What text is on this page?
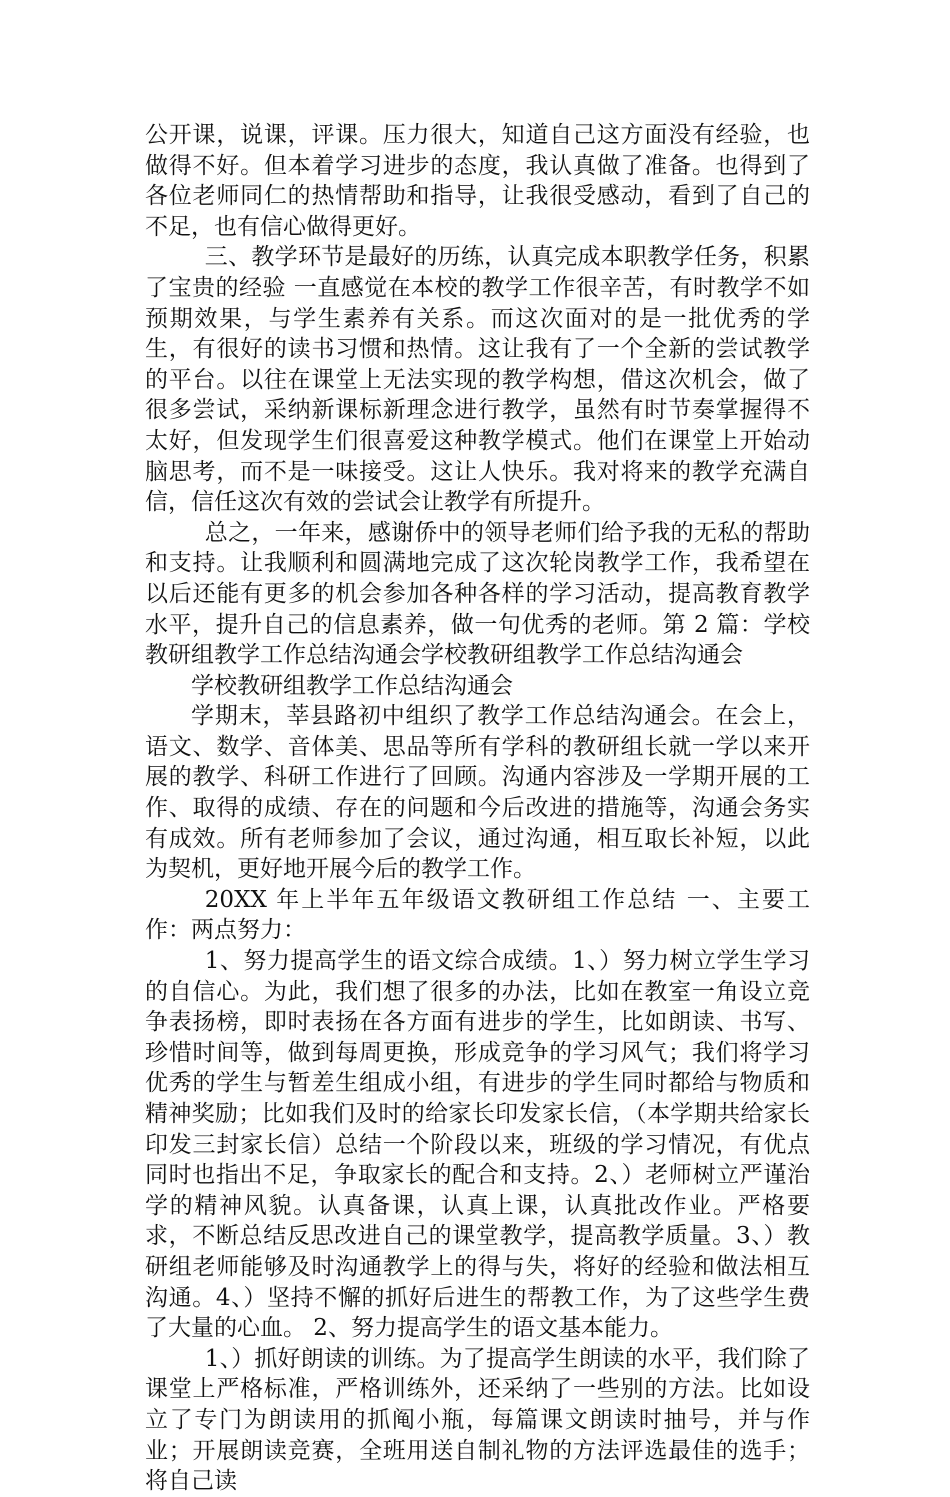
公开课，说课，评课。压力很大，知道自己这方面没有经验，也做得不好。但本着学习进步的态度，我认真做了准备。也得到了各位老师同仁的热情帮助和指导，让我很受感动，看到了自己的不足，也有信心做得更好。

三、教学环节是最好的历练，认真完成本职教学任务，积累了宝贵的经验 一直感觉在本校的教学工作很辛苦，有时教学不如预期效果，与学生素养有关系。而这次面对的是一批优秀的学生，有很好的读书习惯和热情。这让我有了一个全新的尝试教学的平台。以往在课堂上无法实现的教学构想，借这次机会，做了很多尝试，采纳新课标新理念进行教学，虽然有时节奏掌握得不太好，但发现学生们很喜爱这种教学模式。他们在课堂上开始动脑思考，而不是一味接受。这让人快乐。我对将来的教学充满自信，信任这次有效的尝试会让教学有所提升。

总之，一年来，感谢侨中的领导老师们给予我的无私的帮助和支持。让我顺利和圆满地完成了这次轮岗教学工作，我希望在以后还能有更多的机会参加各种各样的学习活动，提高教育教学水平，提升自己的信息素养，做一句优秀的老师。第 2 篇：学校教研组教学工作总结沟通会学校教研组教学工作总结沟通会

学校教研组教学工作总结沟通会

学期末，莘县路初中组织了教学工作总结沟通会。在会上，语文、数学、音体美、思品等所有学科的教研组长就一学以来开展的教学、科研工作进行了回顾。沟通内容涉及一学期开展的工作、取得的成绩、存在的问题和今后改进的措施等，沟通会务实有成效。所有老师参加了会议，通过沟通，相互取长补短，以此为契机，更好地开展今后的教学工作。

20XX 年上半年五年级语文教研组工作总结 一、主要工作：两点努力：

1、努力提高学生的语文综合成绩。1、）努力树立学生学习的自信心。为此，我们想了很多的办法，比如在教室一角设立竞争表扬榜，即时表扬在各方面有进步的学生，比如朗读、书写、珍惜时间等，做到每周更换，形成竞争的学习风气；我们将学习优秀的学生与暂差生组成小组，有进步的学生同时都给与物质和精神奖励；比如我们及时的给家长印发家长信，（本学期共给家长印发三封家长信）总结一个阶段以来，班级的学习情况，有优点同时也指出不足，争取家长的配合和支持。2、）老师树立严谨治学的精神风貌。认真备课，认真上课，认真批改作业。严格要求，不断总结反思改进自己的课堂教学，提高教学质量。3、）教研组老师能够及时沟通教学上的得与失，将好的经验和做法相互沟通。4、）坚持不懈的抓好后进生的帮教工作，为了这些学生费了大量的心血。 2、努力提高学生的语文基本能力。

1、）抓好朗读的训练。为了提高学生朗读的水平，我们除了课堂上严格标准，严格训练外，还采纳了一些别的方法。比如设立了专门为朗读用的抓阄小瓶，每篇课文朗读时抽号，并与作业；开展朗读竞赛，全班用送自制礼物的方法评选最佳的选手；将自己读
